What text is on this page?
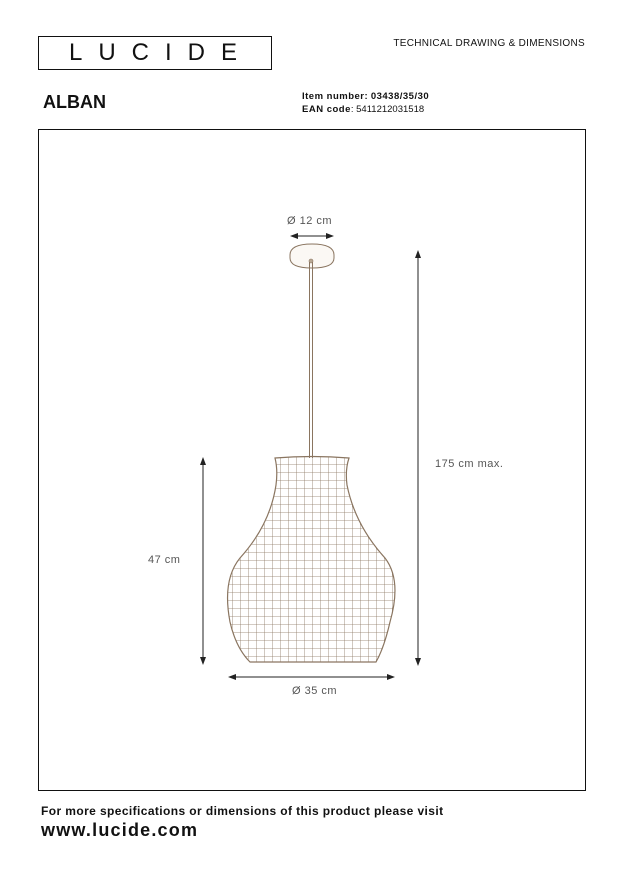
LUCIDE	TECHNICAL DRAWING & DIMENSIONS
ALBAN	Item number: 03438/35/30
EAN code: 5411212031518
Ø 12 cm
175 cm max.
47 cm
Ø 35 cm
For more specifications or dimensions of this product please visit
www.lucide.com
